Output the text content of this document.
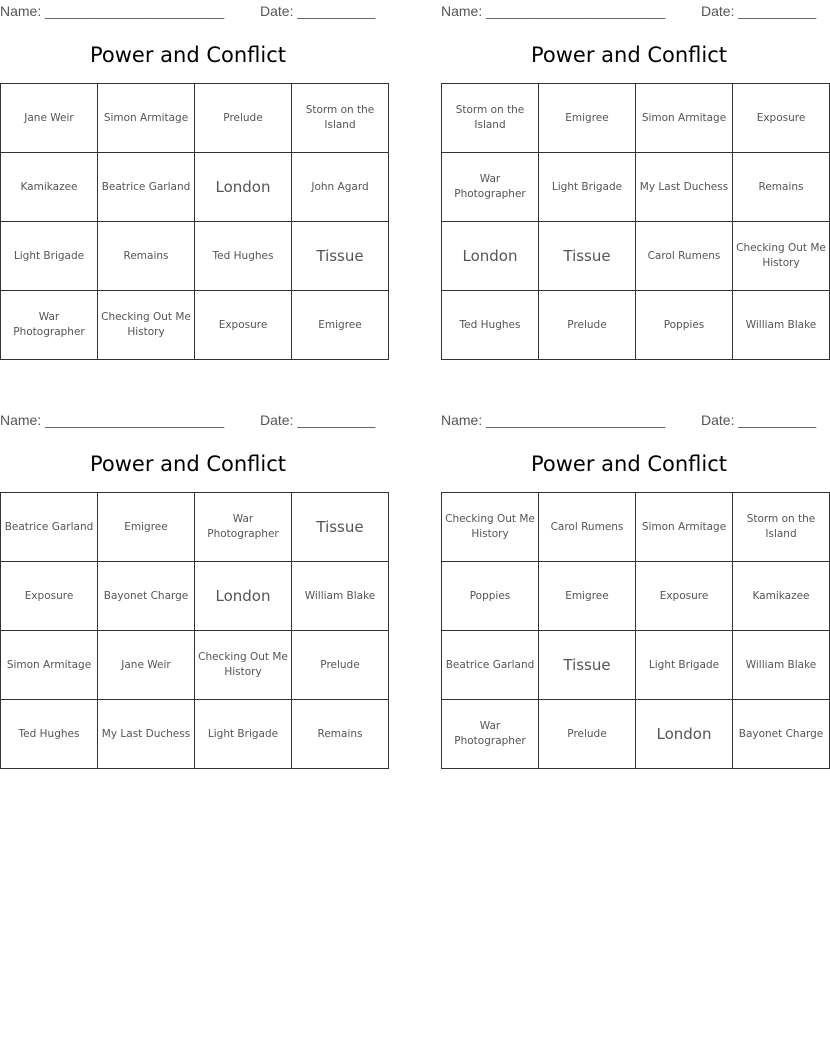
Name: _______________________	Date: __________
Power and Conflict
Jane Weir	Simon Armitage	Prelude	Storm on the Island
Kamikazee	Beatrice Garland	London	John Agard
Light Brigade	Remains	Ted Hughes	Tissue
War Photographer	Checking Out Me History	Exposure	Emigree
Name: _______________________	Date: __________
Power and Conflict
Storm on the Island	Emigree	Simon Armitage	Exposure
War Photographer	Light Brigade	My Last Duchess	Remains
London	Tissue	Carol Rumens	Checking Out Me History
Ted Hughes	Prelude	Poppies	William Blake
Name: _______________________	Date: __________
Power and Conflict
Beatrice Garland	Emigree	War Photographer	Tissue
Exposure	Bayonet Charge	London	William Blake
Simon Armitage	Jane Weir	Checking Out Me History	Prelude
Ted Hughes	My Last Duchess	Light Brigade	Remains
Name: _______________________	Date: __________
Power and Conflict
Checking Out Me History	Carol Rumens	Simon Armitage	Storm on the Island
Poppies	Emigree	Exposure	Kamikazee
Beatrice Garland	Tissue	Light Brigade	William Blake
War Photographer	Prelude	London	Bayonet Charge
